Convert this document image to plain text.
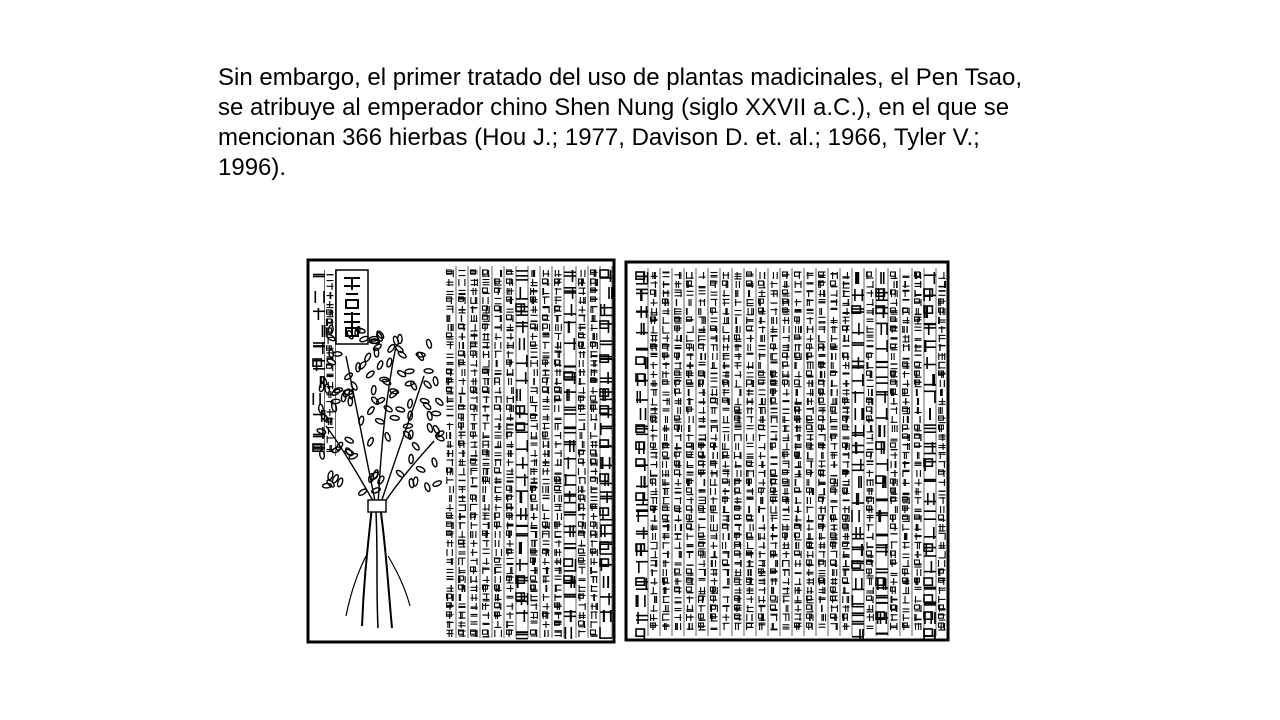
Sin embargo, el primer tratado del uso de plantas madicinales, el Pen Tsao, se atribuye al emperador chino Shen Nung (siglo XXVII a.C.), en el que se mencionan 366 hierbas (Hou J.; 1977, Davison D. et. al.; 1966, Tyler V.; 1996).
